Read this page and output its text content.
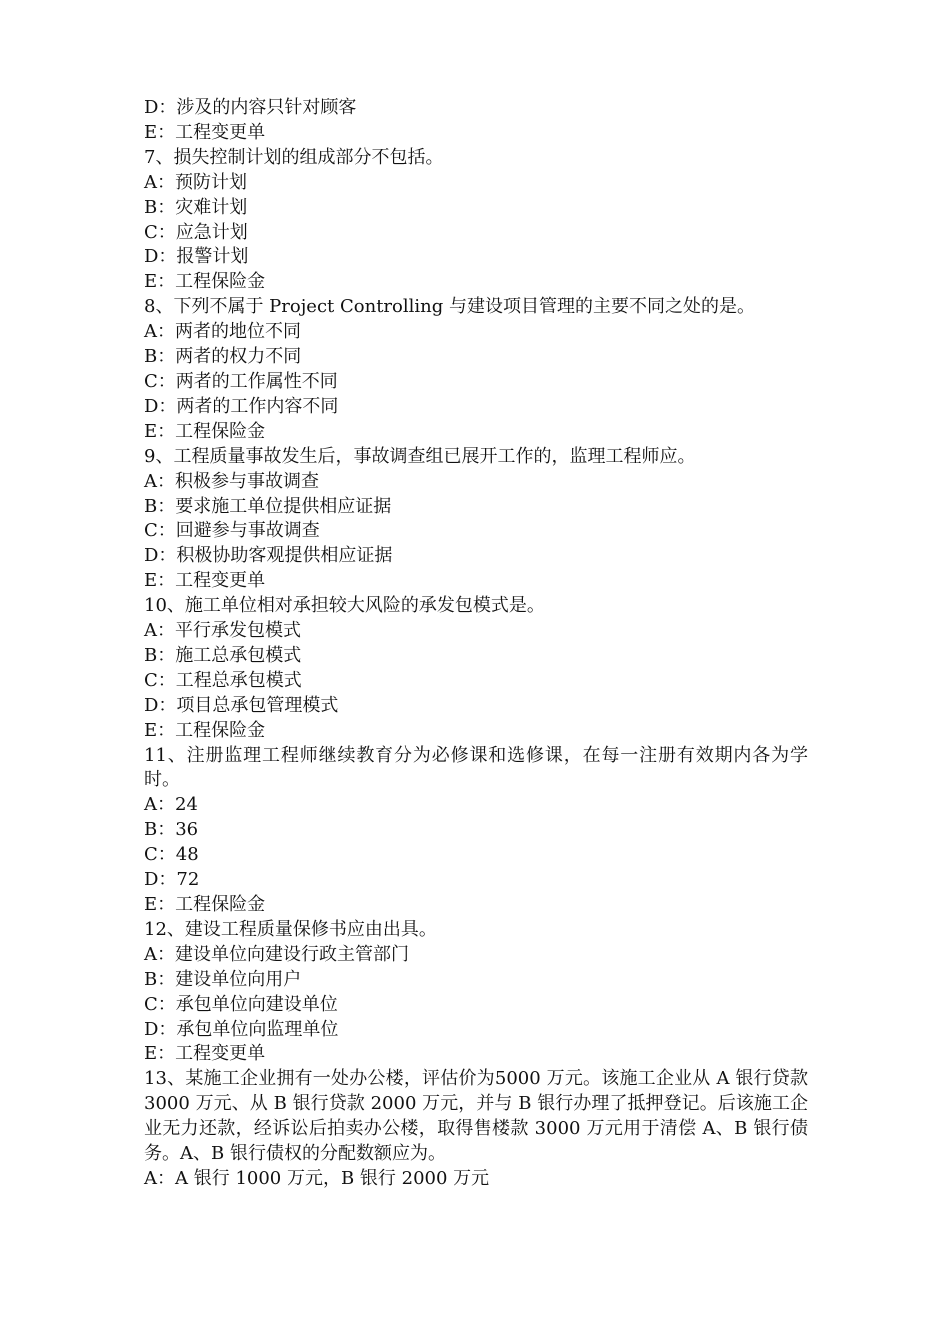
D：涉及的内容只针对顾客
E：工程变更单
7、损失控制计划的组成部分不包括。
A：预防计划
B：灾难计划
C：应急计划
D：报警计划
E：工程保险金
8、下列不属于 Project Controlling 与建设项目管理的主要不同之处的是。
A：两者的地位不同
B：两者的权力不同
C：两者的工作属性不同
D：两者的工作内容不同
E：工程保险金
9、工程质量事故发生后，事故调查组已展开工作的，监理工程师应。
A：积极参与事故调查
B：要求施工单位提供相应证据
C：回避参与事故调查
D：积极协助客观提供相应证据
E：工程变更单
10、施工单位相对承担较大风险的承发包模式是。
A：平行承发包模式
B：施工总承包模式
C：工程总承包模式
D：项目总承包管理模式
E：工程保险金
11、注册监理工程师继续教育分为必修课和选修课，在每一注册有效期内各为学时。
A：24
B：36
C：48
D：72
E：工程保险金
12、建设工程质量保修书应由出具。
A：建设单位向建设行政主管部门
B：建设单位向用户
C：承包单位向建设单位
D：承包单位向监理单位
E：工程变更单
13、某施工企业拥有一处办公楼，评估价为5000 万元。该施工企业从 A 银行贷款 3000 万元、从 B 银行贷款 2000 万元，并与 B 银行办理了抵押登记。后该施工企业无力还款，经诉讼后拍卖办公楼，取得售楼款 3000 万元用于清偿 A、B 银行债务。A、B 银行债权的分配数额应为。
A：A 银行 1000 万元，B 银行 2000 万元
